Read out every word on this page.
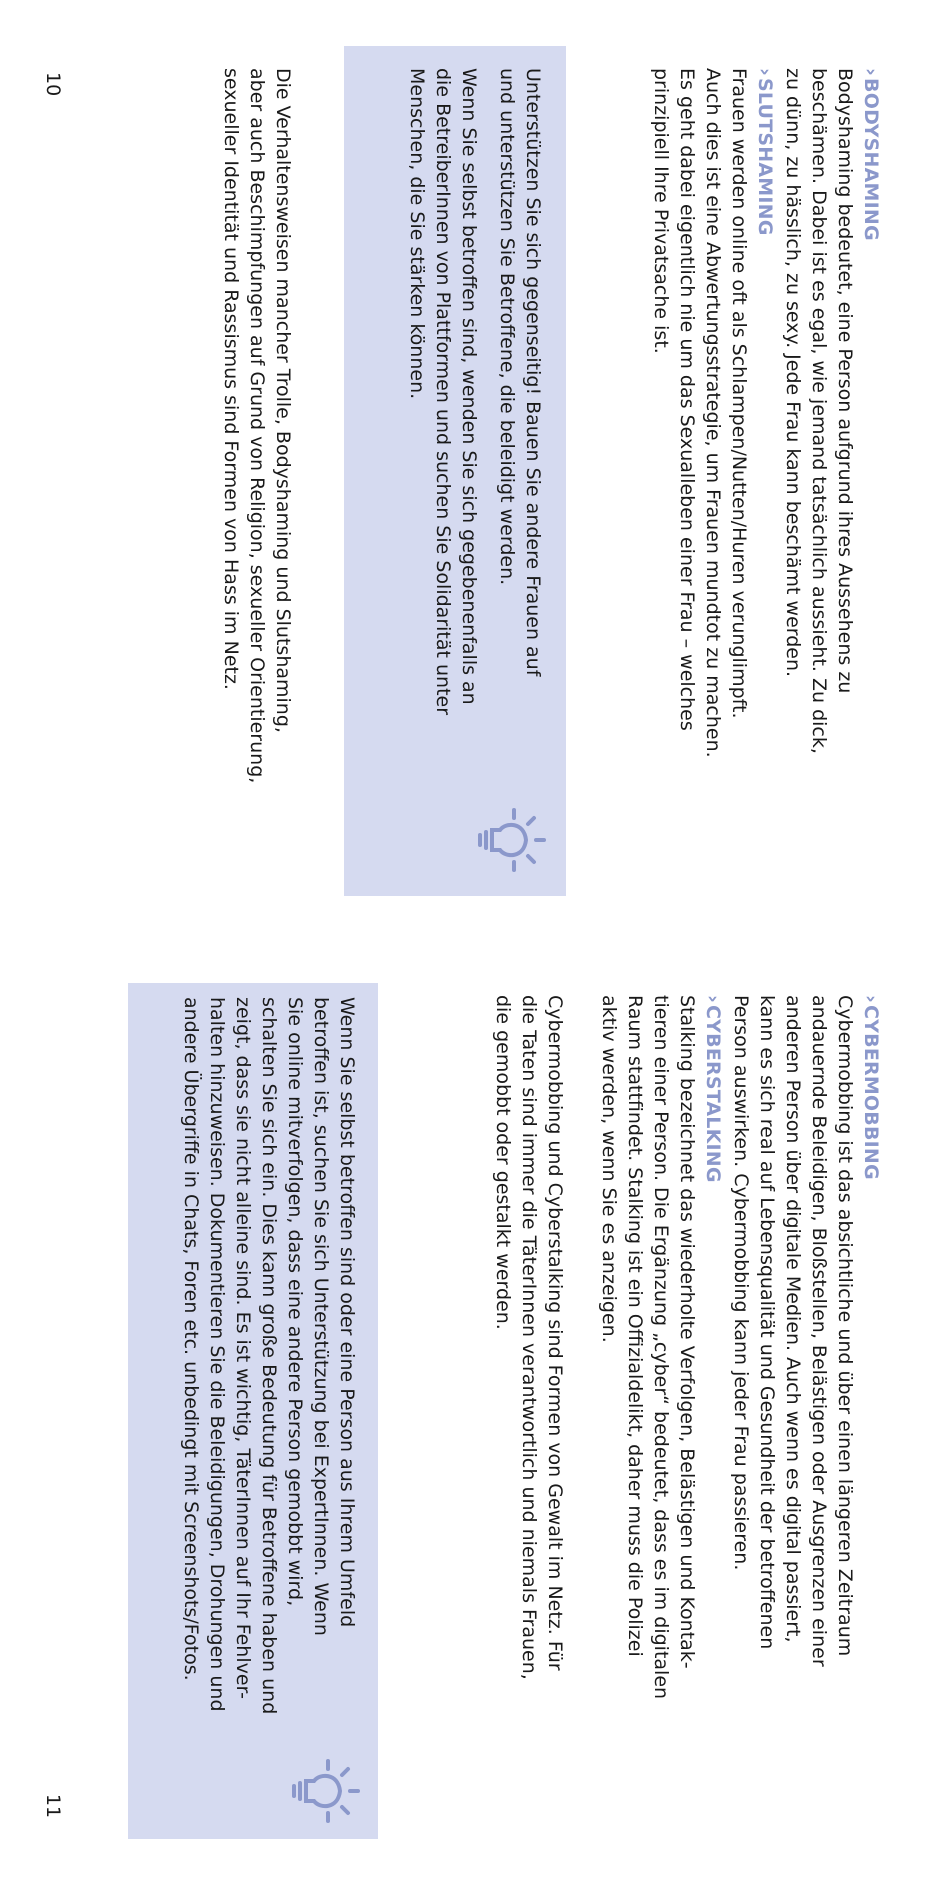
›BODYSHAMING

Bodyshaming bedeutet, eine Person aufgrund ihres Aussehens zu
beschämen. Dabei ist es egal, wie jemand tatsächlich aussieht. Zu dick,
zu dünn, zu hässlich, zu sexy. Jede Frau kann beschämt werden.

›SLUTSHAMING

Frauen werden online oft als Schlampen/Nutten/Huren verunglimpft.
Auch dies ist eine Abwertungsstrategie, um Frauen mundtot zu machen.
Es geht dabei eigentlich nie um das Sexualleben einer Frau – welches
prinzipiell Ihre Privatsache ist.

Unterstützen Sie sich gegenseitig! Bauen Sie andere Frauen auf
und unterstützen Sie Betroffene, die beleidigt werden.

Wenn Sie selbst betroffen sind, wenden Sie sich gegebenenfalls an
die BetreiberInnen von Plattformen und suchen Sie Solidarität unter
Menschen, die Sie stärken können.

Die Verhaltensweisen mancher Trolle, Bodyshaming und Slutshaming,
aber auch Beschimpfungen auf Grund von Religion, sexueller Orientierung,
sexueller Identität und Rassismus sind Formen von Hass im Netz.

10
›CYBERMOBBING

Cybermobbing ist das absichtliche und über einen längeren Zeitraum
andauernde Beleidigen, Bloßstellen, Belästigen oder Ausgrenzen einer
anderen Person über digitale Medien. Auch wenn es digital passiert,
kann es sich real auf Lebensqualität und Gesundheit der betroffenen
Person auswirken. Cybermobbing kann jeder Frau passieren.

›CYBERSTALKING

Stalking bezeichnet das wiederholte Verfolgen, Belästigen und Kontak-
tieren einer Person. Die Ergänzung „cyber“ bedeutet, dass es im digitalen
Raum stattfindet. Stalking ist ein Offizialdelikt, daher muss die Polizei
aktiv werden, wenn Sie es anzeigen.

Cybermobbing und Cyberstalking sind Formen von Gewalt im Netz. Für
die Taten sind immer die TäterInnen verantwortlich und niemals Frauen,
die gemobbt oder gestalkt werden.

Wenn Sie selbst betroffen sind oder eine Person aus Ihrem Umfeld
betroffen ist, suchen Sie sich Unterstützung bei ExpertInnen. Wenn
Sie online mitverfolgen, dass eine andere Person gemobbt wird,
schalten Sie sich ein. Dies kann große Bedeutung für Betroffene haben und
zeigt, dass sie nicht alleine sind. Es ist wichtig, TäterInnen auf Ihr Fehlver-
halten hinzuweisen. Dokumentieren Sie die Beleidigungen, Drohungen und
andere Übergriffe in Chats, Foren etc. unbedingt mit Screenshots/Fotos.

11
